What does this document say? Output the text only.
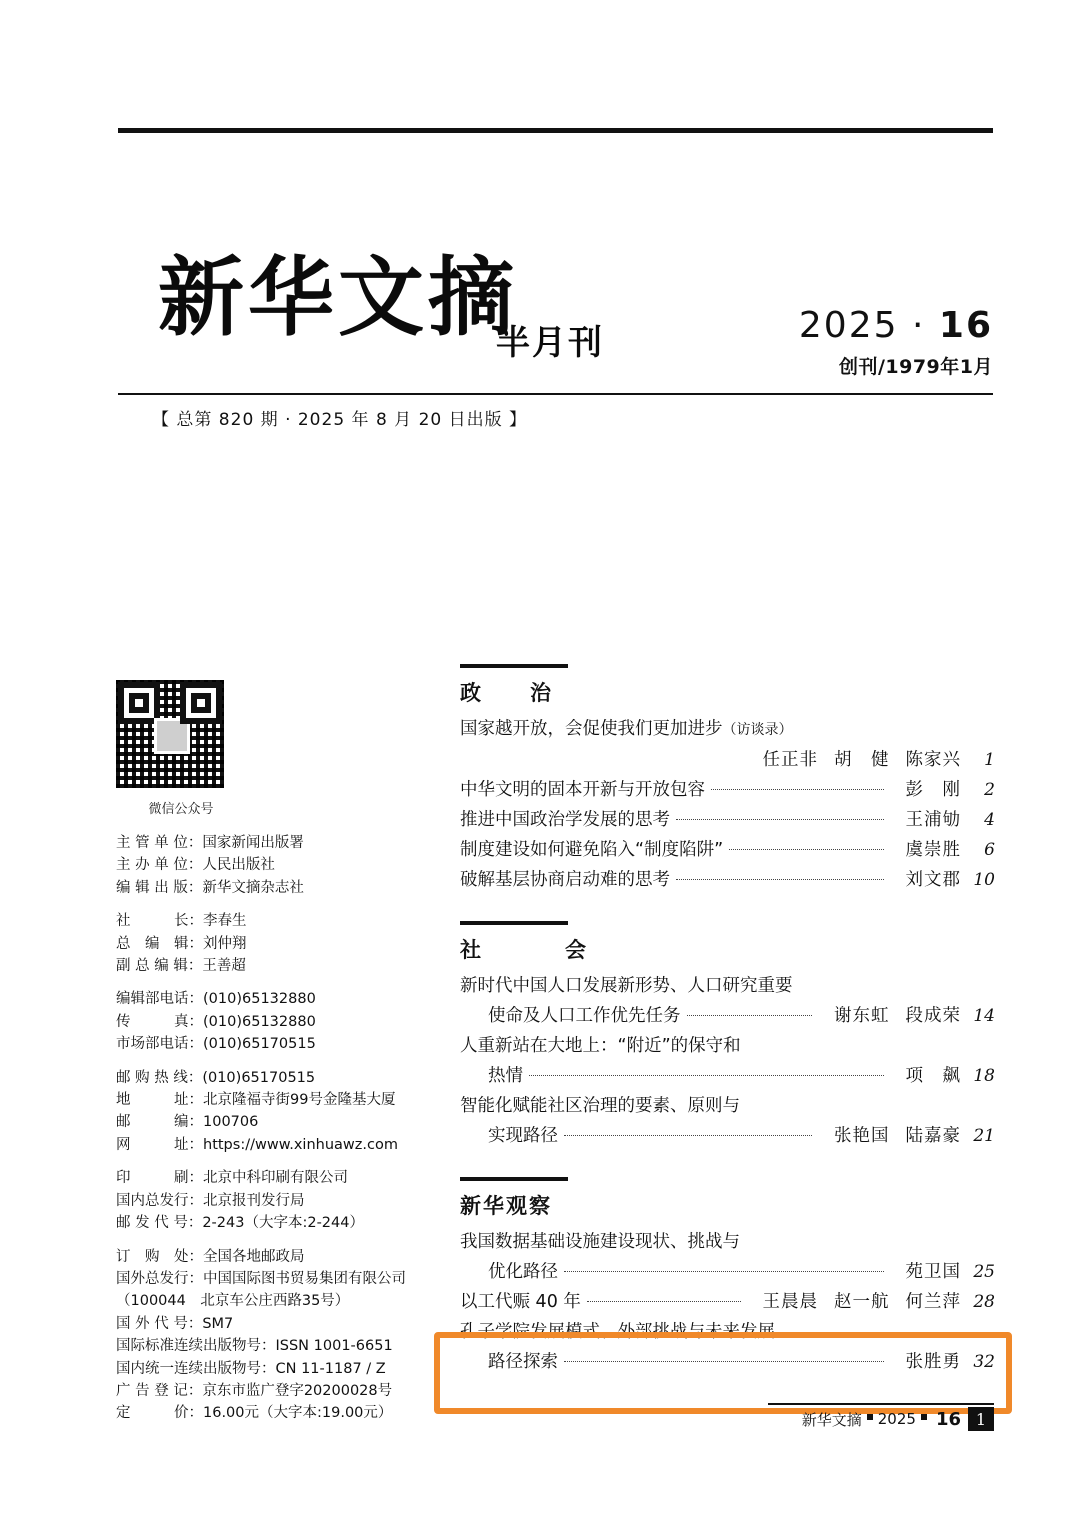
新华文摘
半月刊	2025 · 16
创刊/1979年1月
【 总第 820 期 · 2025 年 8 月 20 日出版 】
微信公众号
主 管 单 位：国家新闻出版署
主 办 单 位：人民出版社
编 辑 出 版：新华文摘杂志社
社　　　长：李春生
总　编　辑：刘仲翔
副 总 编 辑：王善超
编辑部电话：(010)65132880
传　　　真：(010)65132880
市场部电话：(010)65170515
邮 购 热 线：(010)65170515
地　　　址：北京隆福寺街99号金隆基大厦
邮　　　编：100706
网　　　址：https://www.xinhuawz.com
印　　　刷：北京中科印刷有限公司
国内总发行：北京报刊发行局
邮 发 代 号：2-243（大字本:2-244）
订　购　处：全国各地邮政局
国外总发行：中国国际图书贸易集团有限公司
（100044　北京车公庄西路35号）
国 外 代 号：SM7
国际标准连续出版物号：ISSN 1001-6651
国内统一连续出版物号：CN 11-1187 / Z
广 告 登 记：京东市监广登字20200028号
定　　　价：16.00元（大字本:19.00元）
政　治
国家越开放，会促使我们更加进步（访谈录）
任正非 胡　健 陈家兴	1
中华文明的固本开新与开放包容	彭　刚	2
推进中国政治学发展的思考	王浦劬	4
制度建设如何避免陷入“制度陷阱”	虞崇胜	6
破解基层协商启动难的思考	刘文郡 10
社　　会
新时代中国人口发展新形势、人口研究重要
使命及人口工作优先任务	谢东虹 段成荣 14
人重新站在大地上：“附近”的保守和
热情	项　飙 18
智能化赋能社区治理的要素、原则与
实现路径	张艳国 陆嘉豪 21
新华观察
我国数据基础设施建设现状、挑战与
优化路径	苑卫国 25
以工代赈 40 年	王晨晨 赵一航 何兰萍 28
孔子学院发展模式、外部挑战与未来发展
路径探索	张胜勇 32
新华文摘 2025 16 1
